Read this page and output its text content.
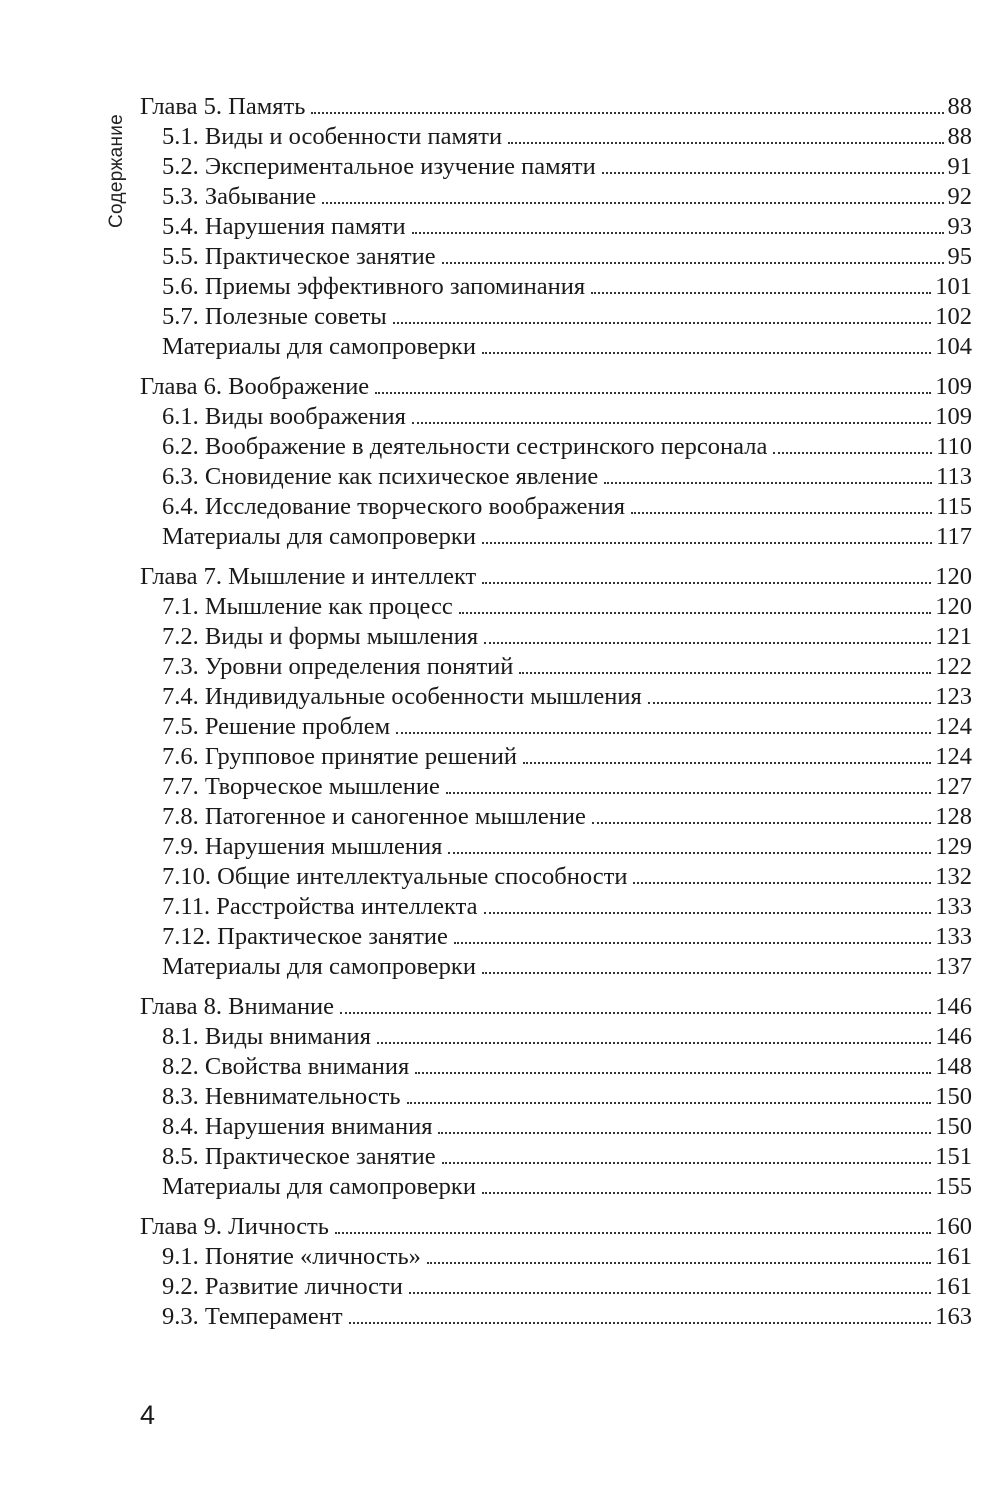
Содержание
Глава 5. Память	88
5.1. Виды и особенности памяти	88
5.2. Экспериментальное изучение памяти	91
5.3. Забывание	92
5.4. Нарушения памяти	93
5.5. Практическое занятие	95
5.6. Приемы эффективного запоминания	101
5.7. Полезные советы	102
Материалы для самопроверки	104
Глава 6. Воображение	109
6.1. Виды воображения	109
6.2. Воображение в деятельности сестринского персонала	110
6.3. Сновидение как психическое явление	113
6.4. Исследование творческого воображения	115
Материалы для самопроверки	117
Глава 7. Мышление и интеллект	120
7.1. Мышление как процесс	120
7.2. Виды и формы мышления	121
7.3. Уровни определения понятий	122
7.4. Индивидуальные особенности мышления	123
7.5. Решение проблем	124
7.6. Групповое принятие решений	124
7.7. Творческое мышление	127
7.8. Патогенное и саногенное мышление	128
7.9. Нарушения мышления	129
7.10. Общие интеллектуальные способности	132
7.11. Расстройства интеллекта	133
7.12. Практическое занятие	133
Материалы для самопроверки	137
Глава 8. Внимание	146
8.1. Виды внимания	146
8.2. Свойства внимания	148
8.3. Невнимательность	150
8.4. Нарушения внимания	150
8.5. Практическое занятие	151
Материалы для самопроверки	155
Глава 9. Личность	160
9.1. Понятие «личность»	161
9.2. Развитие личности	161
9.3. Темперамент	163
4
